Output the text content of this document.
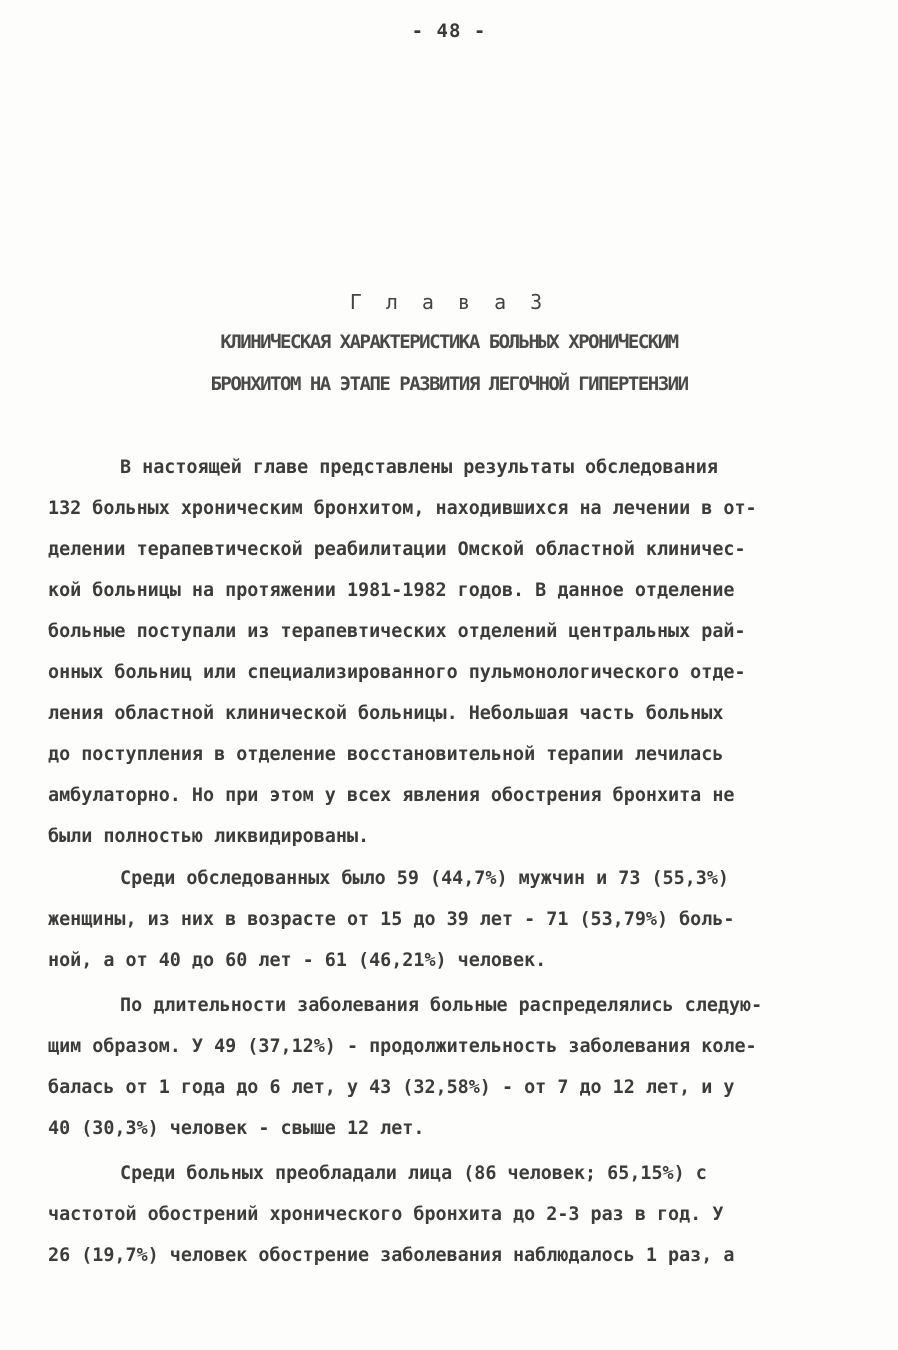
- 48 -
Г л а в а 3
КЛИНИЧЕСКАЯ ХАРАКТЕРИСТИКА БОЛЬНЫХ ХРОНИЧЕСКИМ
БРОНХИТОМ НА ЭТАПЕ РАЗВИТИЯ ЛЕГОЧНОЙ ГИПЕРТЕНЗИИ
В настоящей главе представлены результаты обследования
132 больных хроническим бронхитом, находившихся на лечении в от-
делении терапевтической реабилитации Омской областной клиничес-
кой больницы на протяжении 1981-1982 годов. В данное отделение
больные поступали из терапевтических отделений центральных рай-
онных больниц или специализированного пульмонологического отде-
ления областной клинической больницы. Небольшая часть больных
до поступления в отделение восстановительной терапии лечилась
амбулаторно. Но при этом у всех явления обострения бронхита не
были полностью ликвидированы.
Среди обследованных было 59 (44,7%) мужчин и 73 (55,3%)
женщины, из них в возрасте от 15 до 39 лет - 71 (53,79%) боль-
ной, а от 40 до 60 лет - 61 (46,21%) человек.
По длительности заболевания больные распределялись следую-
щим образом. У 49 (37,12%) - продолжительность заболевания коле-
балась от 1 года до 6 лет, у 43 (32,58%) - от 7 до 12 лет, и у
40 (30,3%) человек - свыше 12 лет.
Среди больных преобладали лица (86 человек; 65,15%) с
частотой обострений хронического бронхита до 2-3 раз в год. У
26 (19,7%) человек обострение заболевания наблюдалось 1 раз, а
